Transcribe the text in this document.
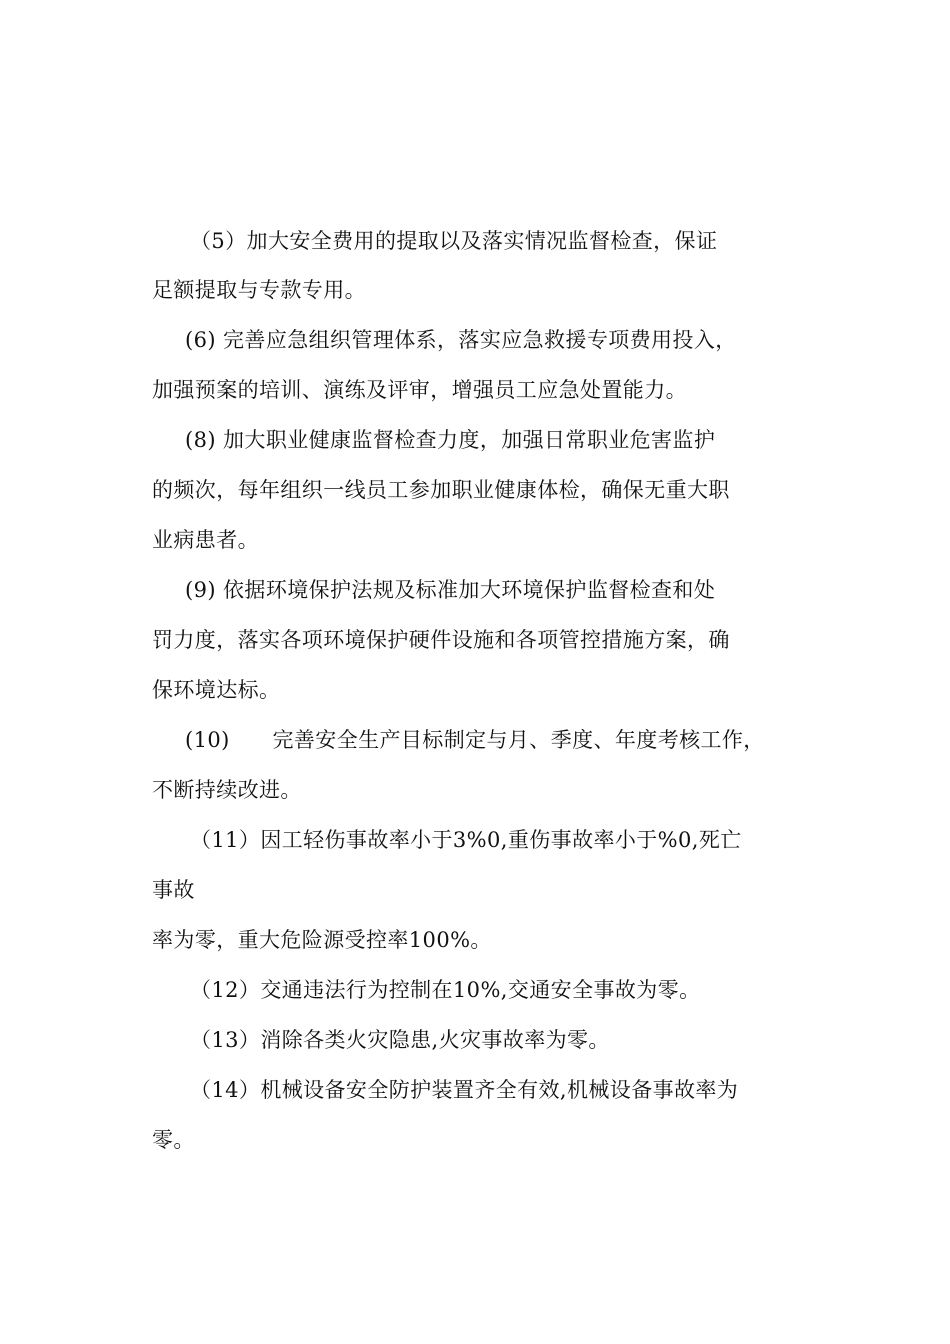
（5）加大安全费用的提取以及落实情况监督检查，保证
足额提取与专款专用。
(6) 完善应急组织管理体系，落实应急救援专项费用投入，
加强预案的培训、演练及评审，增强员工应急处置能力。
(8) 加大职业健康监督检查力度，加强日常职业危害监护
的频次，每年组织一线员工参加职业健康体检，确保无重大职
业病患者。
(9) 依据环境保护法规及标准加大环境保护监督检查和处
罚力度，落实各项环境保护硬件设施和各项管控措施方案，确
保环境达标。
(10)　　完善安全生产目标制定与月、季度、年度考核工作，
不断持续改进。
（11）因工轻伤事故率小于3%0,重伤事故率小于%0,死亡
事故
率为零，重大危险源受控率100%。
（12）交通违法行为控制在10%,交通安全事故为零。
（13）消除各类火灾隐患,火灾事故率为零。
（14）机械设备安全防护装置齐全有效,机械设备事故率为
零。
